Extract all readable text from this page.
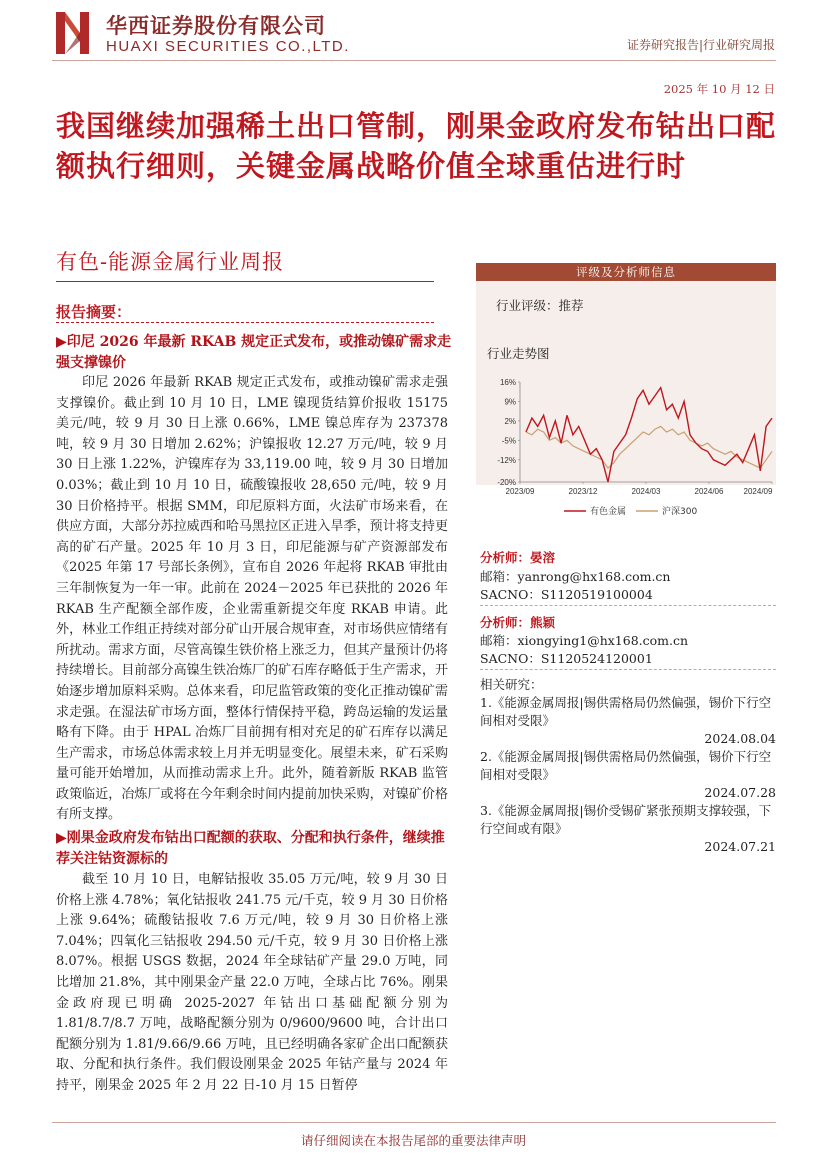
华西证券股份有限公司
HUAXI SECURITIES CO.,LTD.	证券研究报告|行业研究周报
2025 年 10 月 12 日
我国继续加强稀土出口管制，刚果金政府发布钴出口配额执行细则，关键金属战略价值全球重估进行时
有色-能源金属行业周报	评级及分析师信息
行业评级：推荐
行业走势图
16%
9%
2%
-5%
-12%
-20%
2023/09	2023/12	2024/03	2024/06	2024/09
有色金属	沪深300
报告摘要：
▶印尼 2026 年最新 RKAB 规定正式发布，或推动镍矿需求走强支撑镍价
印尼 2026 年最新 RKAB 规定正式发布，或推动镍矿需求走强支撑镍价。截止到 10 月 10 日，LME 镍现货结算价报收 15175 美元/吨，较 9 月 30 日上涨 0.66%，LME 镍总库存为 237378 吨，较 9 月 30 日增加 2.62%；沪镍报收 12.27 万元/吨，较 9 月 30 日上涨 1.22%，沪镍库存为 33,119.00 吨，较 9 月 30 日增加 0.03%；截止到 10 月 10 日，硫酸镍报收 28,650 元/吨，较 9 月 30 日价格持平。根据 SMM，印尼原料方面，火法矿市场来看，在供应方面，大部分苏拉威西和哈马黑拉区正进入旱季，预计将支持更高的矿石产量。2025 年 10 月 3 日，印尼能源与矿产资源部发布《2025 年第 17 号部长条例》，宣布自 2026 年起将 RKAB 审批由三年制恢复为一年一审。此前在 2024－2025 年已获批的 2026 年 RKAB 生产配额全部作废，企业需重新提交年度 RKAB 申请。此外，林业工作组正持续对部分矿山开展合规审查，对市场供应情绪有所扰动。需求方面，尽管高镍生铁价格上涨乏力，但其产量预计仍将持续增长。目前部分高镍生铁冶炼厂的矿石库存略低于生产需求，开始逐步增加原料采购。总体来看，印尼监管政策的变化正推动镍矿需求走强。在湿法矿市场方面，整体行情保持平稳，跨岛运输的发运量略有下降。由于 HPAL 冶炼厂目前拥有相对充足的矿石库存以满足生产需求，市场总体需求较上月并无明显变化。展望未来，矿石采购量可能开始增加，从而推动需求上升。此外，随着新版 RKAB 监管政策临近，冶炼厂或将在今年剩余时间内提前加快采购，对镍矿价格有所支撑。
▶刚果金政府发布钴出口配额的获取、分配和执行条件，继续推荐关注钴资源标的
截至 10 月 10 日，电解钴报收 35.05 万元/吨，较 9 月 30 日价格上涨 4.78%；氧化钴报收 241.75 元/千克，较 9 月 30 日价格上涨 9.64%；硫酸钴报收 7.6 万元/吨，较 9 月 30 日价格上涨 7.04%；四氧化三钴报收 294.50 元/千克，较 9 月 30 日价格上涨 8.07%。根据 USGS 数据，2024 年全球钴矿产量 29.0 万吨，同比增加 21.8%，其中刚果金产量 22.0 万吨，全球占比 76%。刚果金政府现已明确 2025-2027 年钴出口基础配额分别为 1.81/8.7/8.7 万吨，战略配额分别为 0/9600/9600 吨，合计出口配额分别为 1.81/9.66/9.66 万吨，且已经明确各家矿企出口配额获取、分配和执行条件。我们假设刚果金 2025 年钴产量与 2024 年持平，刚果金 2025 年 2 月 22 日-10 月 15 日暂停
分析师：晏溶
邮箱：yanrong@hx168.com.cn
SACNO：S1120519100004
分析师：熊颖
邮箱：xiongying1@hx168.com.cn
SACNO：S1120524120001
相关研究：
1.《能源金属周报|锡供需格局仍然偏强，锡价下行空间相对受限》
2024.08.04
2.《能源金属周报|锡供需格局仍然偏强，锡价下行空间相对受限》
2024.07.28
3.《能源金属周报|锡价受锡矿紧张预期支撑较强，下行空间或有限》
2024.07.21
请仔细阅读在本报告尾部的重要法律声明
